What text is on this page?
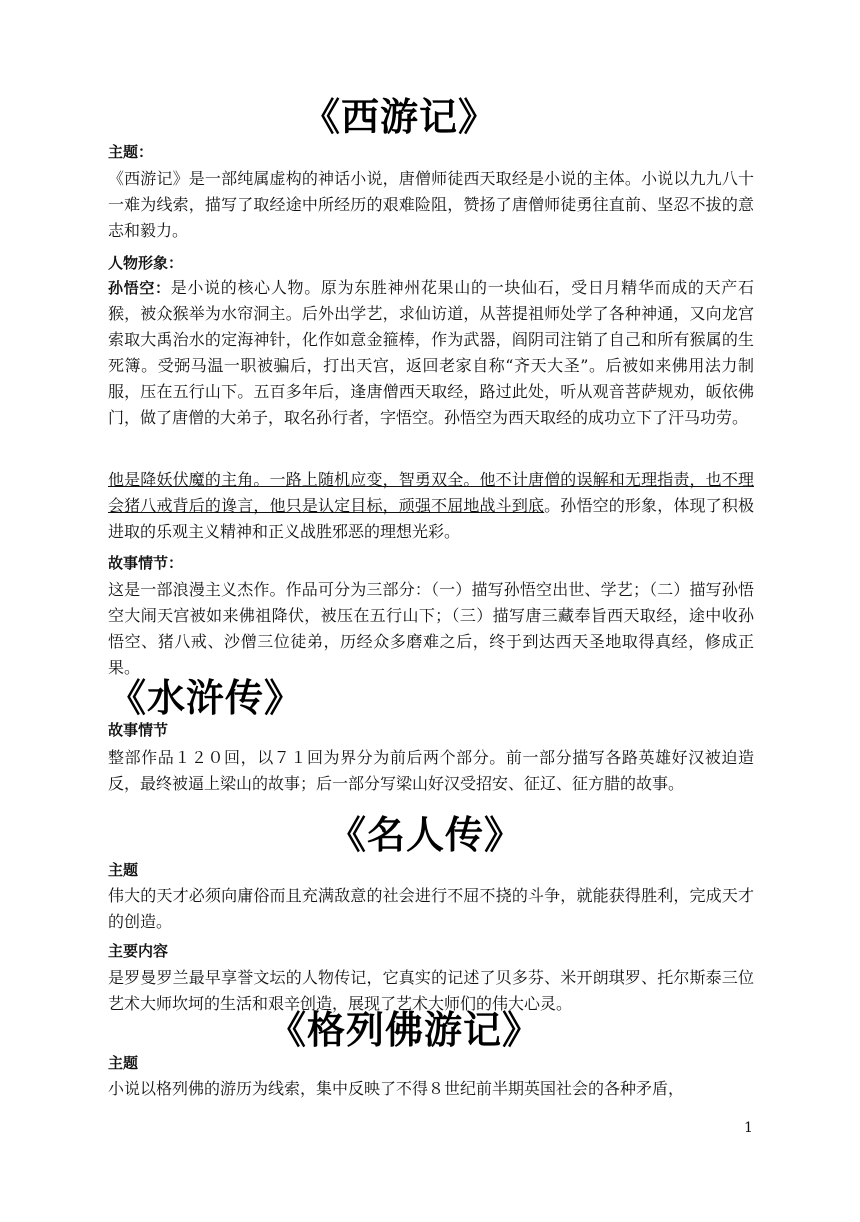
《西游记》
主题：

《西游记》是一部纯属虚构的神话小说，唐僧师徒西天取经是小说的主体。小说以九九八十一难为线索，描写了取经途中所经历的艰难险阻，赞扬了唐僧师徒勇往直前、坚忍不拔的意志和毅力。

人物形象：

孙悟空：是小说的核心人物。原为东胜神州花果山的一块仙石，受日月精华而成的天产石猴，被众猴举为水帘洞主。后外出学艺，求仙访道，从菩提祖师处学了各种神通，又向龙宫索取大禹治水的定海神针，化作如意金箍棒，作为武器，阎阴司注销了自己和所有猴属的生死簿。受弼马温一职被骗后，打出天宫，返回老家自称“齐天大圣”。后被如来佛用法力制服，压在五行山下。五百多年后，逢唐僧西天取经，路过此处，听从观音菩萨规劝，皈依佛门，做了唐僧的大弟子，取名孙行者，字悟空。孙悟空为西天取经的成功立下了汗马功劳。

他是降妖伏魔的主角。一路上随机应变，智勇双全。他不计唐僧的误解和无理指责，也不理会猪八戒背后的谗言，他只是认定目标，顽强不屈地战斗到底。孙悟空的形象，体现了积极进取的乐观主义精神和正义战胜邪恶的理想光彩。

故事情节：

这是一部浪漫主义杰作。作品可分为三部分：（一）描写孙悟空出世、学艺；（二）描写孙悟空大闹天宫被如来佛祖降伏，被压在五行山下；（三）描写唐三藏奉旨西天取经，途中收孙悟空、猪八戒、沙僧三位徒弟，历经众多磨难之后，终于到达西天圣地取得真经，修成正果。

《水浒传》
故事情节

整部作品１２０回，以７１回为界分为前后两个部分。前一部分描写各路英雄好汉被迫造反，最终被逼上梁山的故事；后一部分写梁山好汉受招安、征辽、征方腊的故事。

《名人传》
主题

伟大的天才必须向庸俗而且充满敌意的社会进行不屈不挠的斗争，就能获得胜利，完成天才的创造。

主要内容

是罗曼罗兰最早享誉文坛的人物传记，它真实的记述了贝多芬、米开朗琪罗、托尔斯泰三位艺术大师坎坷的生活和艰辛创造，展现了艺术大师们的伟大心灵。

《格列佛游记》
主题

小说以格列佛的游历为线索，集中反映了不得８世纪前半期英国社会的各种矛盾，

1
